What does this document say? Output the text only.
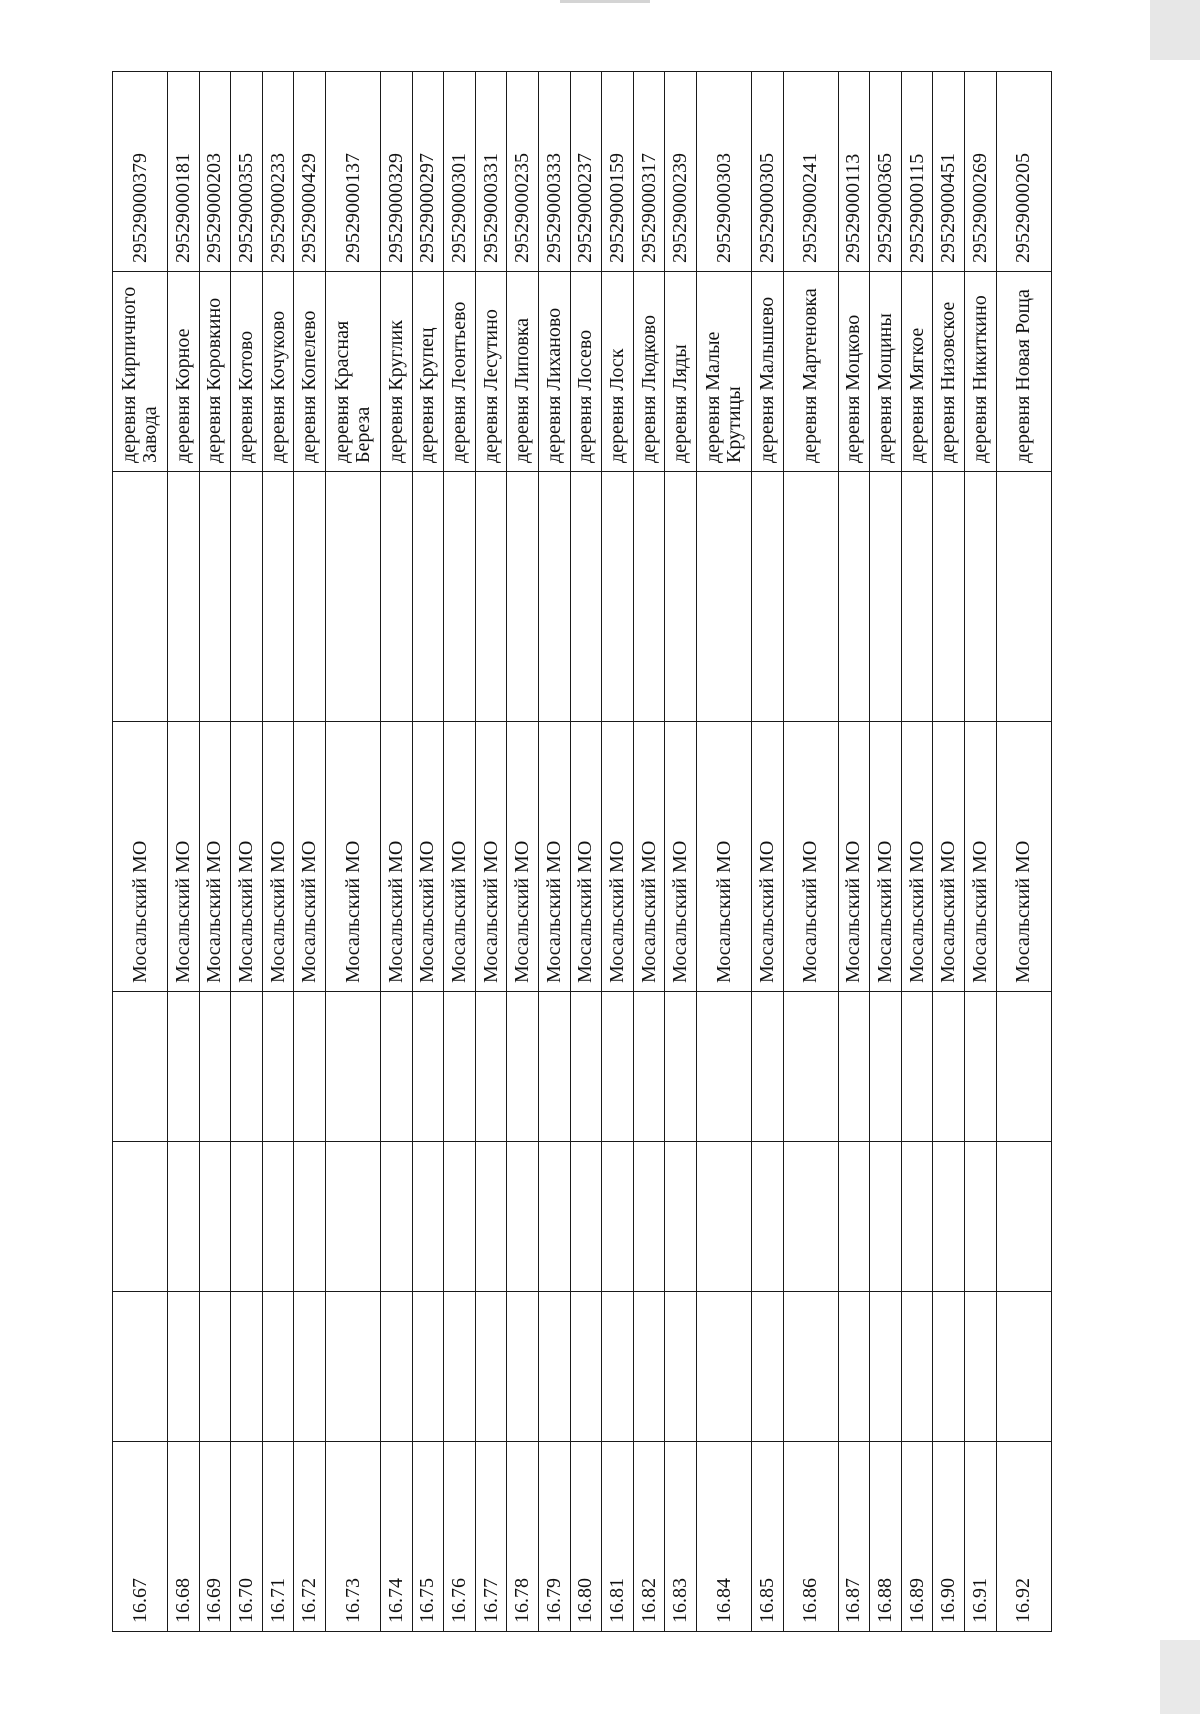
16.67				Мосальский МО		деревня Кирпичного Завода	29529000379
16.68				Мосальский МО		деревня Корное	29529000181
16.69				Мосальский МО		деревня Коровкино	29529000203
16.70				Мосальский МО		деревня Котово	29529000355
16.71				Мосальский МО		деревня Кочуково	29529000233
16.72				Мосальский МО		деревня Копелево	29529000429
16.73				Мосальский МО		деревня Красная Береза	29529000137
16.74				Мосальский МО		деревня Круглик	29529000329
16.75				Мосальский МО		деревня Крупец	29529000297
16.76				Мосальский МО		деревня Леонтьево	29529000301
16.77				Мосальский МО		деревня Лесутино	29529000331
16.78				Мосальский МО		деревня Липовка	29529000235
16.79				Мосальский МО		деревня Лиханово	29529000333
16.80				Мосальский МО		деревня Лосево	29529000237
16.81				Мосальский МО		деревня Лоск	29529000159
16.82				Мосальский МО		деревня Людково	29529000317
16.83				Мосальский МО		деревня Ляды	29529000239
16.84				Мосальский МО		деревня Малые Крутицы	29529000303
16.85				Мосальский МО		деревня Малышево	29529000305
16.86				Мосальский МО		деревня Мартеновка	29529000241
16.87				Мосальский МО		деревня Моцково	29529000113
16.88				Мосальский МО		деревня Мощины	29529000365
16.89				Мосальский МО		деревня Мягкое	29529000115
16.90				Мосальский МО		деревня Низовское	29529000451
16.91				Мосальский МО		деревня Никиткино	29529000269
16.92				Мосальский МО		деревня Новая Роща	29529000205
